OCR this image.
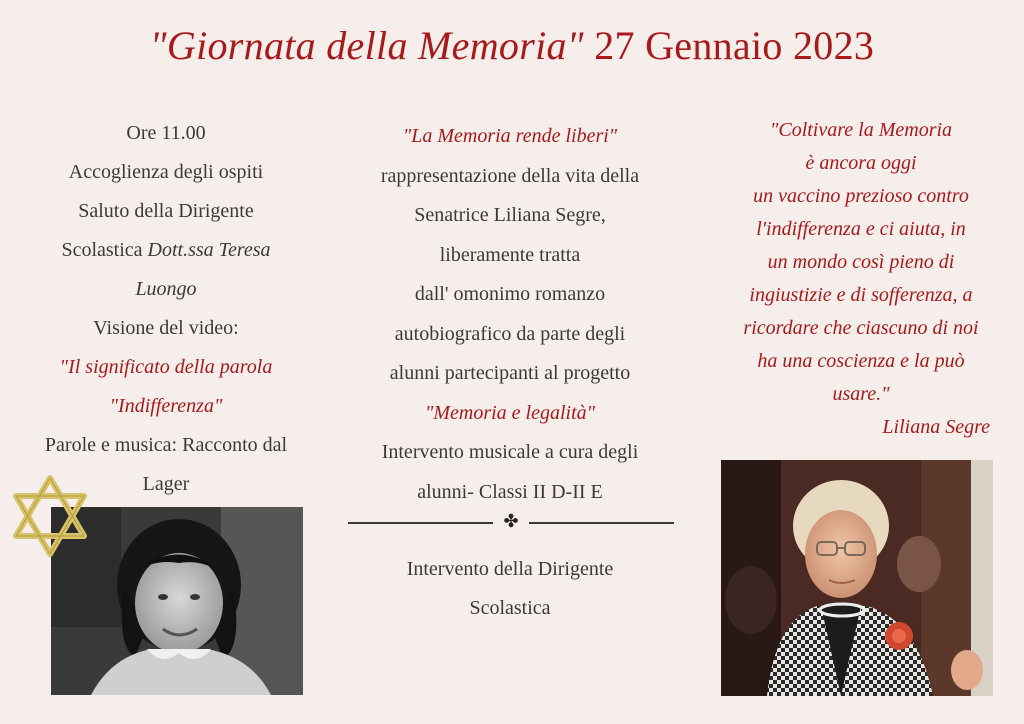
"Giornata della Memoria" 27 Gennaio 2023
Ore 11.00
Accoglienza degli ospiti
Saluto della Dirigente
Scolastica Dott.ssa Teresa
Luongo
Visione del video:
"Il significato della parola
"Indifferenza"
Parole e musica: Racconto dal
Lager
"La Memoria rende liberi"
rappresentazione della vita della
Senatrice Liliana Segre,
liberamente tratta
dall' omonimo romanzo
autobiografico da parte degli
alunni partecipanti al progetto
"Memoria e legalità"
Intervento musicale a cura degli
alunni- Classi II D-II E
✤
Intervento della Dirigente
Scolastica
"Coltivare la Memoria
è ancora oggi
un vaccino prezioso contro
l'indifferenza e ci aiuta, in
un mondo così pieno di
ingiustizie e di sofferenza, a
ricordare che ciascuno di noi
ha una coscienza e la può
usare."
Liliana Segre
